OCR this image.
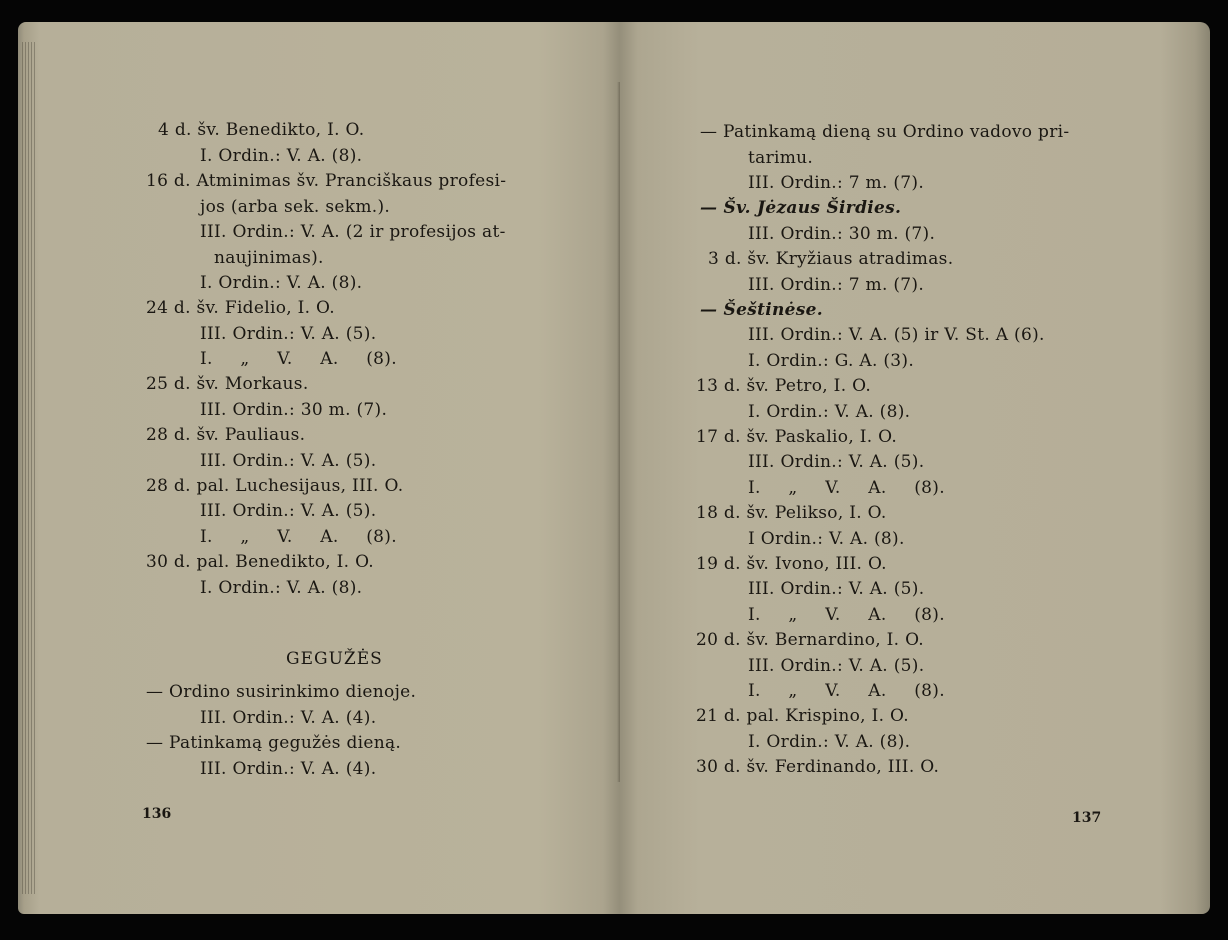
4 d. šv. Benedikto, I. O.
I. Ordin.: V. A. (8).
16 d. Atminimas šv. Pranciškaus profesi-
jos (arba sek. sekm.).
III. Ordin.: V. A. (2 ir profesijos at-
naujinimas).
I. Ordin.: V. A. (8).
24 d. šv. Fidelio, I. O.
III. Ordin.: V. A. (5).
I. „ V. A. (8).
25 d. šv. Morkaus.
III. Ordin.: 30 m. (7).
28 d. šv. Pauliaus.
III. Ordin.: V. A. (5).
28 d. pal. Luchesijaus, III. O.
III. Ordin.: V. A. (5).
I. „ V. A. (8).
30 d. pal. Benedikto, I. O.
I. Ordin.: V. A. (8).
GEGUŽĖS
— Ordino susirinkimo dienoje.
III. Ordin.: V. A. (4).
— Patinkamą gegužės dieną.
III. Ordin.: V. A. (4).
136
— Patinkamą dieną su Ordino vadovo pri-
tarimu.
III. Ordin.: 7 m. (7).
— Šv. Jėzaus Širdies.
III. Ordin.: 30 m. (7).
3 d. šv. Kryžiaus atradimas.
III. Ordin.: 7 m. (7).
— Šeštinėse.
III. Ordin.: V. A. (5) ir V. St. A (6).
I. Ordin.: G. A. (3).
13 d. šv. Petro, I. O.
I. Ordin.: V. A. (8).
17 d. šv. Paskalio, I. O.
III. Ordin.: V. A. (5).
I. „ V. A. (8).
18 d. šv. Pelikso, I. O.
I Ordin.: V. A. (8).
19 d. šv. Ivono, III. O.
III. Ordin.: V. A. (5).
I. „ V. A. (8).
20 d. šv. Bernardino, I. O.
III. Ordin.: V. A. (5).
I. „ V. A. (8).
21 d. pal. Krispino, I. O.
I. Ordin.: V. A. (8).
30 d. šv. Ferdinando, III. O.
137
